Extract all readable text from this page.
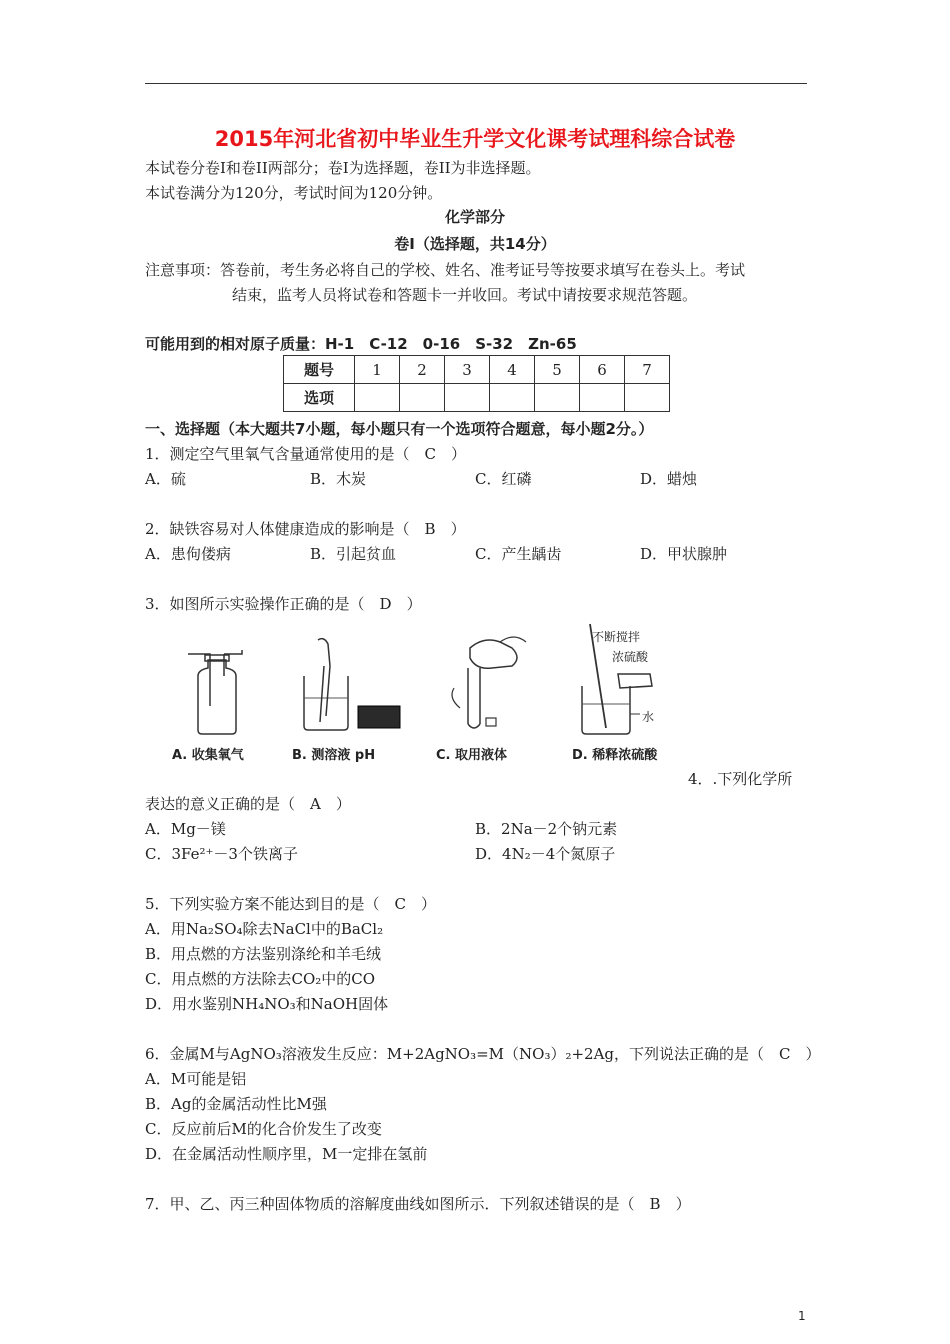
2015年河北省初中毕业生升学文化课考试理科综合试卷
本试卷分卷Ⅰ和卷II两部分；卷Ⅰ为选择题，卷II为非选择题。
本试卷满分为120分，考试时间为120分钟。
化学部分
卷Ⅰ（选择题，共14分）
注意事项：答卷前，考生务必将自己的学校、姓名、准考证号等按要求填写在卷头上。考试
结束，监考人员将试卷和答题卡一并收回。考试中请按要求规范答题。
可能用到的相对原子质量：H-1　C-12　0-16　S-32　Zn-65
题号	1	2	3	4	5	6	7
选项							
一、选择题（本大题共7小题，每小题只有一个选项符合题意，每小题2分。）
1．测定空气里氧气含量通常使用的是（　C　）
A．硫	B．木炭	C．红磷	D．蜡烛
2．缺铁容易对人体健康造成的影响是（　B　）
A．患佝偻病	B．引起贫血	C．产生龋齿	D．甲状腺肿
3．如图所示实验操作正确的是（　D　）
不断搅拌
浓硫酸
水
A. 收集氧气	B. 测溶液 pH	C. 取用液体	D. 稀释浓硫酸
4．.下列化学所
表达的意义正确的是（　A　）
A．Mg－镁	B．2Na－2个钠元素
C．3Fe²⁺－3个铁离子	D．4N₂－4个氮原子
5．下列实验方案不能达到目的是（　C　）
A．用Na₂SO₄除去NaCl中的BaCl₂
B．用点燃的方法鉴别涤纶和羊毛绒
C．用点燃的方法除去CO₂中的CO
D．用水鉴别NH₄NO₃和NaOH固体
6．金属M与AgNO₃溶液发生反应：M+2AgNO₃=M（NO₃）₂+2Ag，下列说法正确的是（　C　）
A．M可能是铝
B．Ag的金属活动性比M强
C．反应前后M的化合价发生了改变
D．在金属活动性顺序里，M一定排在氢前
7．甲、乙、丙三种固体物质的溶解度曲线如图所示．下列叙述错误的是（　B　）
1
